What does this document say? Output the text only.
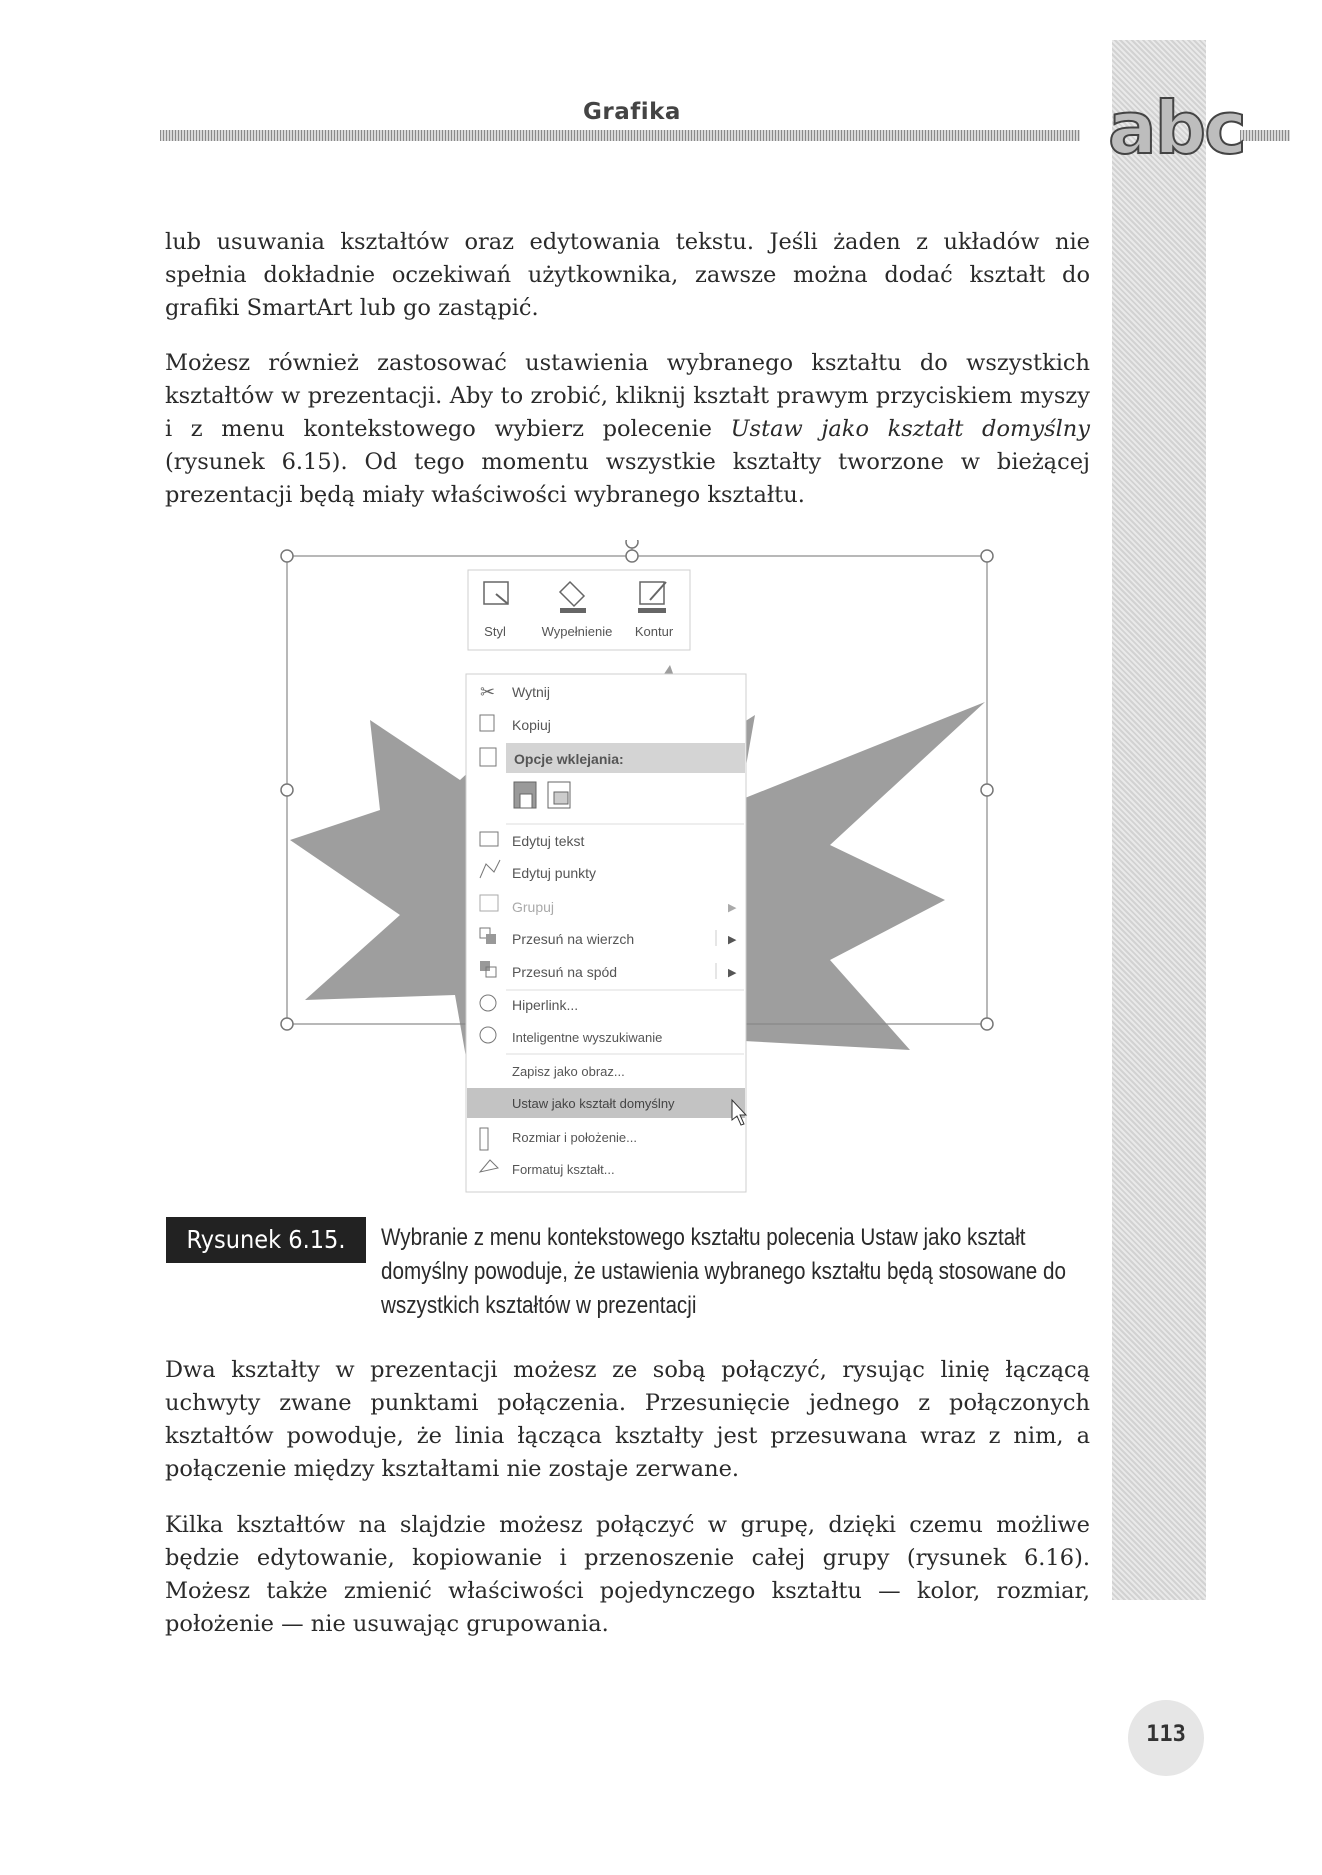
Grafika	abc

lub usuwania kształtów oraz edytowania tekstu. Jeśli żaden z układów nie spełnia dokładnie oczekiwań użytkownika, zawsze można dodać kształt do grafiki SmartArt lub go zastąpić.

Możesz również zastosować ustawienia wybranego kształtu do wszystkich kształtów w prezentacji. Aby to zrobić, kliknij kształt prawym przyciskiem myszy i z menu kontekstowego wybierz polecenie Ustaw jako kształt domyślny (rysunek 6.15). Od tego momentu wszystkie kształty tworzone w bieżącej prezentacji będą miały właściwości wybranego kształtu.

Styl	Wypełnienie Kontur
✂ Wytnij
Kopiuj
Opcje wklejania:
Edytuj tekst
Edytuj punkty
Grupuj	▶
Przesuń na wierzch	▶
Przesuń na spód	▶
Hiperlink...
Inteligentne wyszukiwanie
Zapisz jako obraz...
Ustaw jako kształt domyślny
Rozmiar i położenie...
Formatuj kształt...
Rysunek 6.15.	Wybranie z menu kontekstowego kształtu polecenia Ustaw jako kształt domyślny powoduje, że ustawienia wybranego kształtu będą stosowane do wszystkich kształtów w prezentacji

Dwa kształty w prezentacji możesz ze sobą połączyć, rysując linię łączącą uchwyty zwane punktami połączenia. Przesunięcie jednego z połączonych kształtów powoduje, że linia łącząca kształty jest przesuwana wraz z nim, a połączenie między kształtami nie zostaje zerwane.

Kilka kształtów na slajdzie możesz połączyć w grupę, dzięki czemu możliwe będzie edytowanie, kopiowanie i przenoszenie całej grupy (rysunek 6.16). Możesz także zmienić właściwości pojedynczego kształtu — kolor, rozmiar, położenie — nie usuwając grupowania.

113
